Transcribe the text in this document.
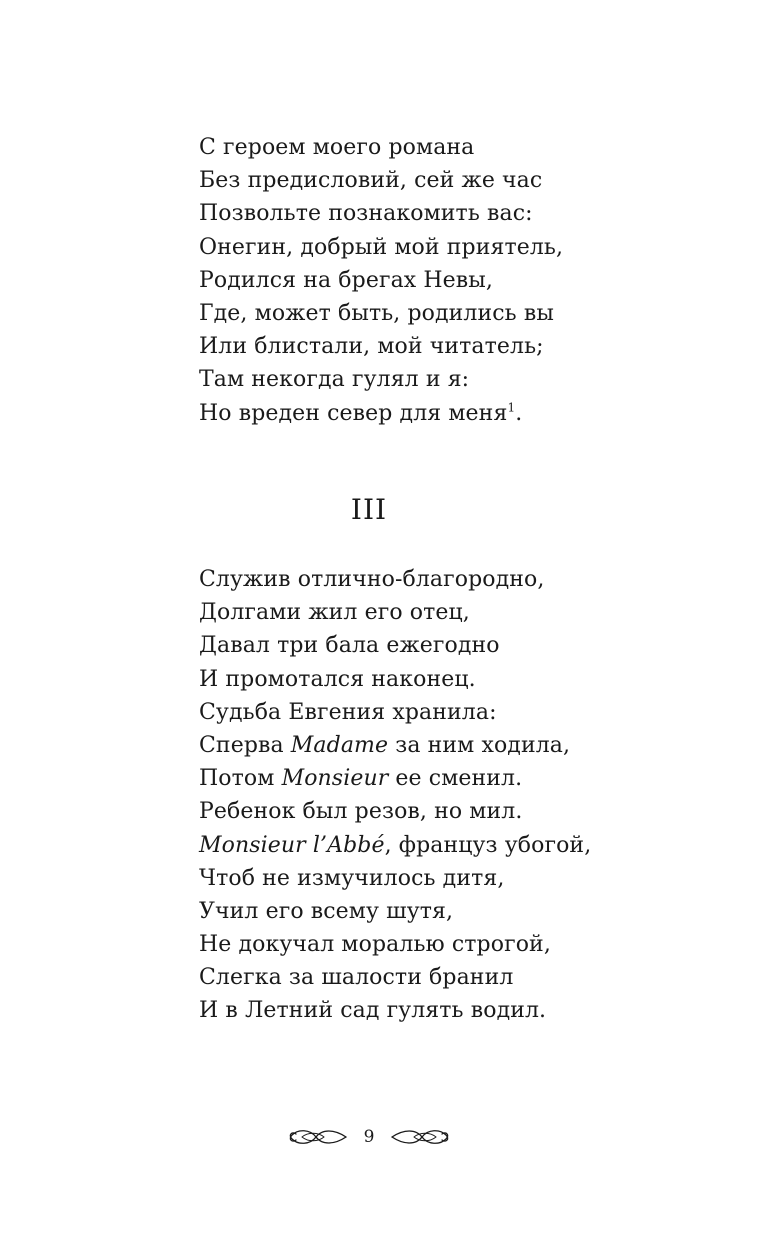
С героем моего романа
Без предисловий, сей же час
Позвольте познакомить вас:
Онегин, добрый мой приятель,
Родился на брегах Невы,
Где, может быть, родились вы
Или блистали, мой читатель;
Там некогда гулял и я:
Но вреден север для меня$^1$.
III
Служив отлично-благородно,
Долгами жил его отец,
Давал три бала ежегодно
И промотался наконец.
Судьба Евгения хранила:
Сперва Madame за ним ходила,
Потом Monsieur ее сменил.
Ребенок был резов, но мил.
Monsieur l’Abbé, француз убогой,
Чтоб не измучилось дитя,
Учил его всему шутя,
Не докучал моралью строгой,
Слегка за шалости бранил
И в Летний сад гулять водил.
9
